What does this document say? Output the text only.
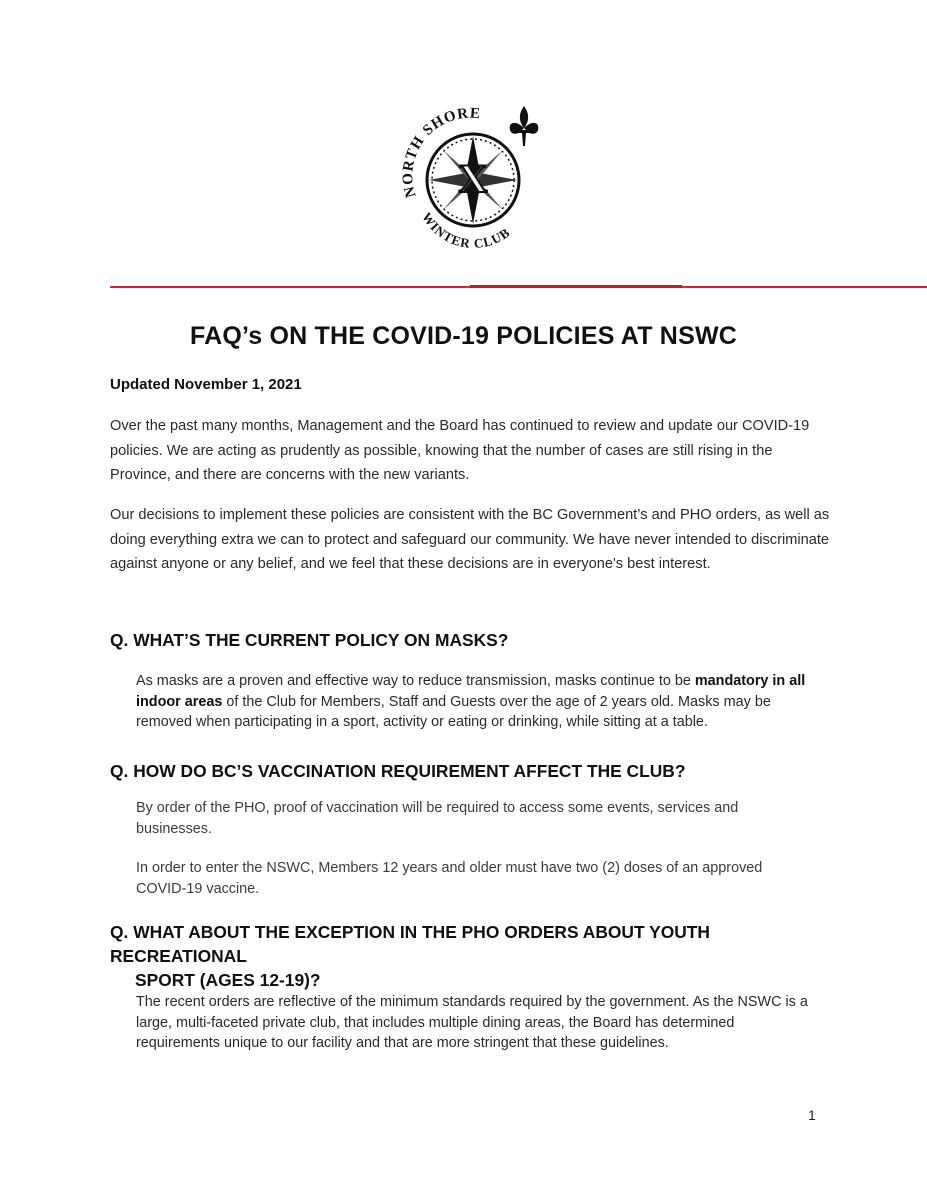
X
NORTH SHORE
WINTER CLUB
FAQ’s ON THE COVID-19 POLICIES AT NSWC
Updated November 1, 2021

Over the past many months, Management and the Board has continued to review and update our COVID-19 policies. We are acting as prudently as possible, knowing that the number of cases are still rising in the Province, and there are concerns with the new variants.

Our decisions to implement these policies are consistent with the BC Government’s and PHO orders, as well as doing everything extra we can to protect and safeguard our community. We have never intended to discriminate against anyone or any belief, and we feel that these decisions are in everyone's best interest.

Q. WHAT’S THE CURRENT POLICY ON MASKS?

As masks are a proven and effective way to reduce transmission, masks continue to be mandatory in all indoor areas of the Club for Members, Staff and Guests over the age of 2 years old. Masks may be removed when participating in a sport, activity or eating or drinking, while sitting at a table.

Q. HOW DO BC’S VACCINATION REQUIREMENT AFFECT THE CLUB?

By order of the PHO, proof of vaccination will be required to access some events, services and businesses.

In order to enter the NSWC, Members 12 years and older must have two (2) doses of an approved COVID-19 vaccine.

Q. WHAT ABOUT THE EXCEPTION IN THE PHO ORDERS ABOUT YOUTH RECREATIONAL
SPORT (AGES 12-19)?

The recent orders are reflective of the minimum standards required by the government. As the NSWC is a large, multi-faceted private club, that includes multiple dining areas, the Board has determined requirements unique to our facility and that are more stringent that these guidelines.

1
